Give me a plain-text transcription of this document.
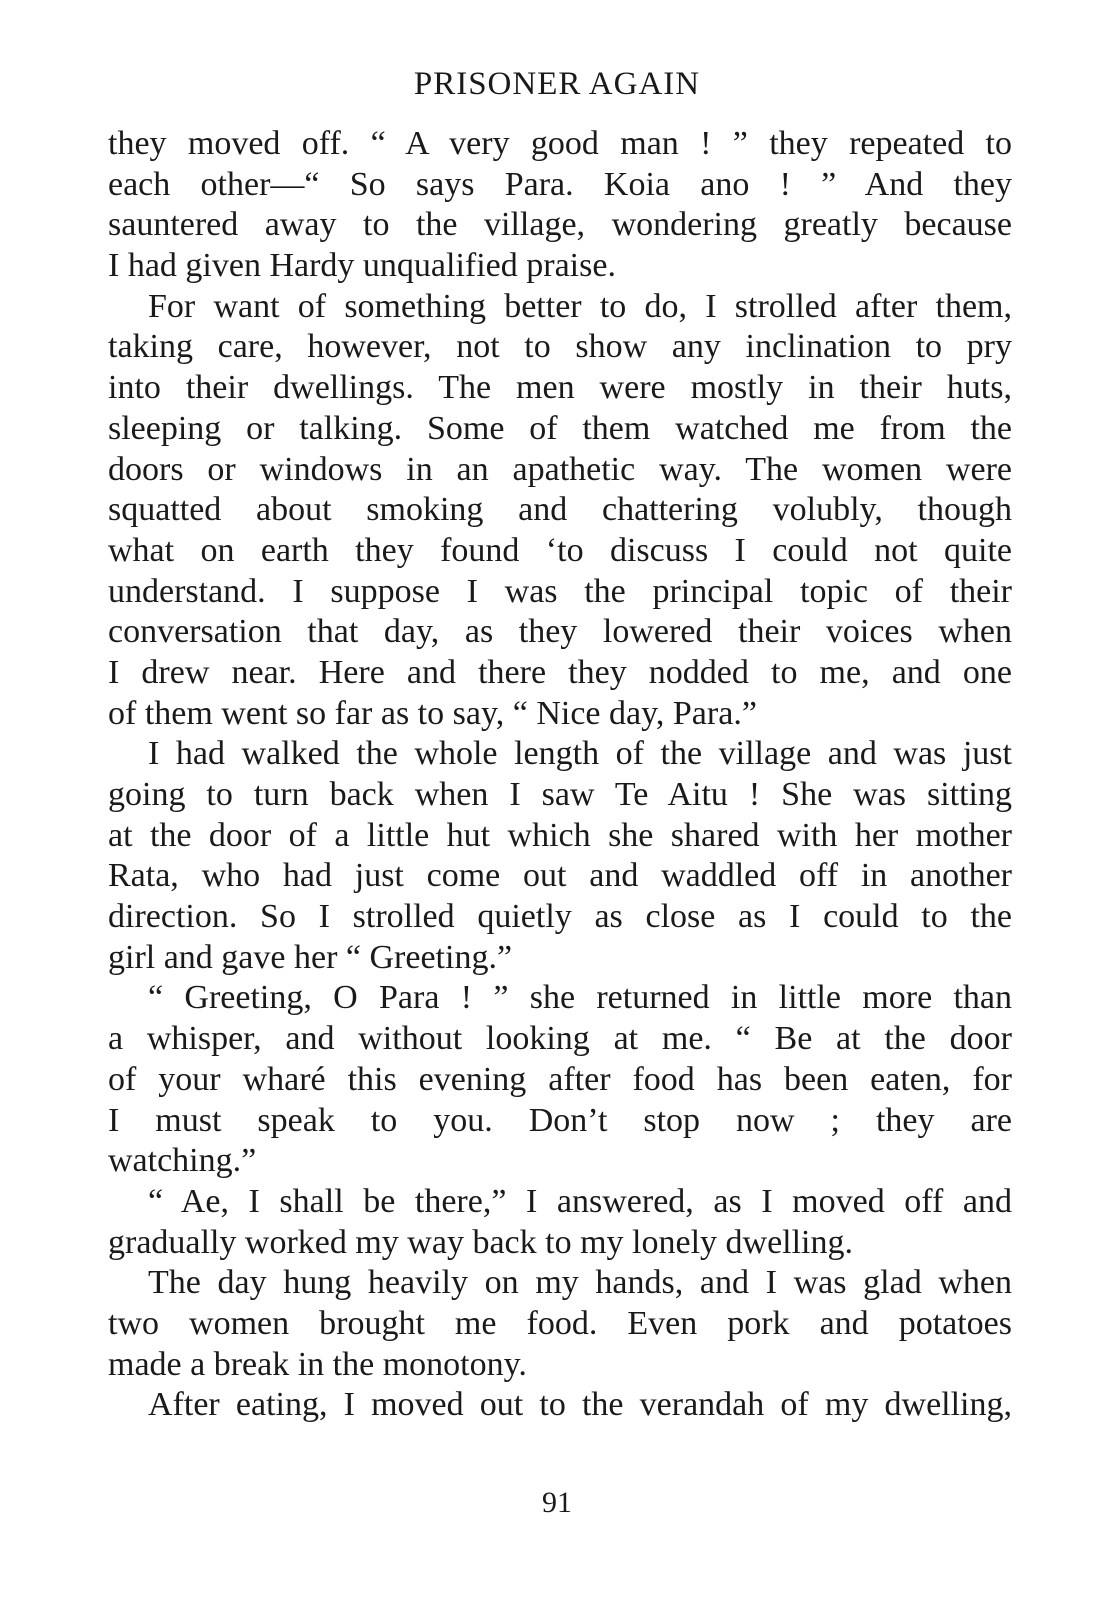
PRISONER AGAIN
they moved off. “ A very good man ! ” they repeated to
each other—“ So says Para. Koia ano ! ” And they
sauntered away to the village, wondering greatly because
I had given Hardy unqualified praise.
For want of something better to do, I strolled after them,
taking care, however, not to show any inclination to pry
into their dwellings. The men were mostly in their huts,
sleeping or talking. Some of them watched me from the
doors or windows in an apathetic way. The women were
squatted about smoking and chattering volubly, though
what on earth they found ‘to discuss I could not quite
understand. I suppose I was the principal topic of their
conversation that day, as they lowered their voices when
I drew near. Here and there they nodded to me, and one
of them went so far as to say, “ Nice day, Para.”
I had walked the whole length of the village and was just
going to turn back when I saw Te Aitu ! She was sitting
at the door of a little hut which she shared with her mother
Rata, who had just come out and waddled off in another
direction. So I strolled quietly as close as I could to the
girl and gave her “ Greeting.”
“ Greeting, O Para ! ” she returned in little more than
a whisper, and without looking at me. “ Be at the door
of your wharé this evening after food has been eaten, for
I must speak to you. Don’t stop now ; they are
watching.”
“ Ae, I shall be there,” I answered, as I moved off and
gradually worked my way back to my lonely dwelling.
The day hung heavily on my hands, and I was glad when
two women brought me food. Even pork and potatoes
made a break in the monotony.
After eating, I moved out to the verandah of my dwelling,
91
